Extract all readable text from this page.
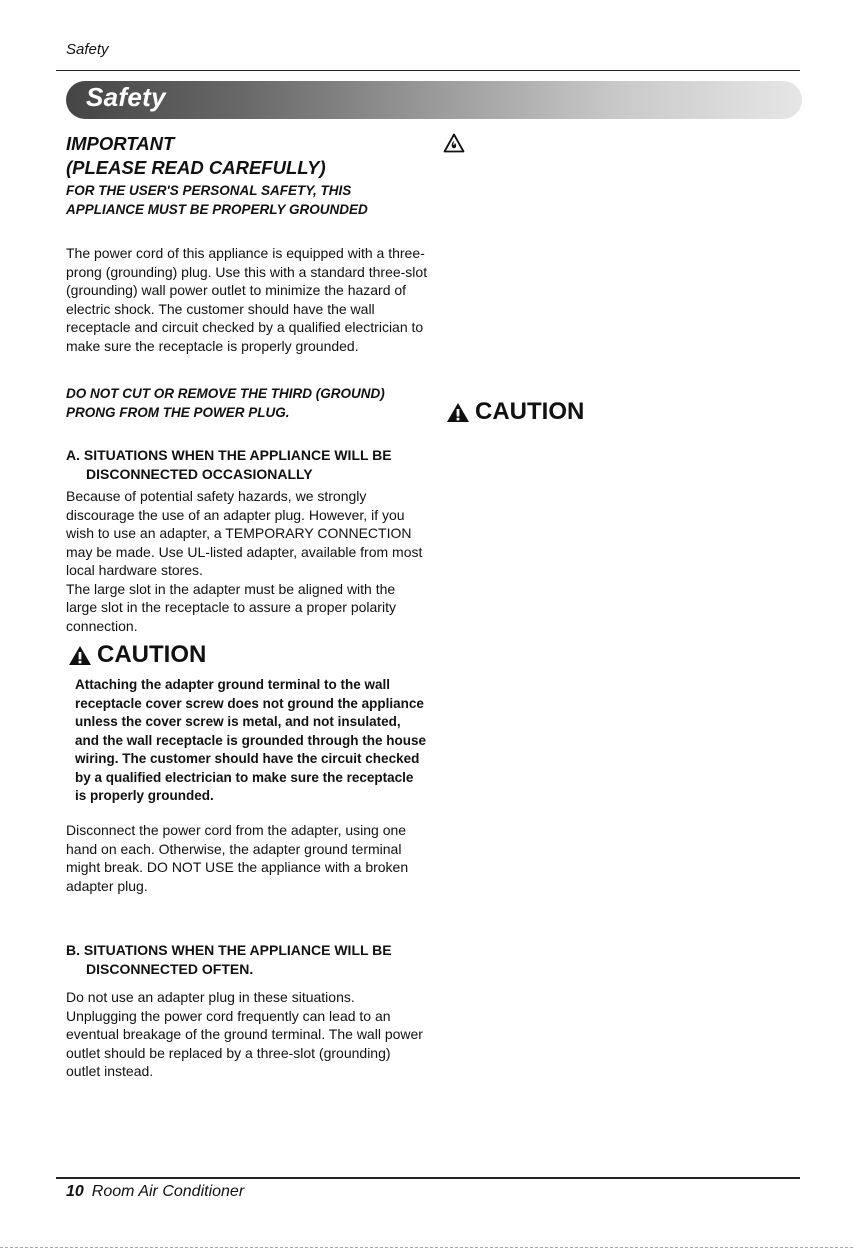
Safety
Safety
IMPORTANT
(PLEASE READ CAREFULLY)
FOR THE USER'S PERSONAL SAFETY, THIS
APPLIANCE MUST BE PROPERLY GROUNDED
The power cord of this appliance is equipped with a three-prong (grounding) plug. Use this with a standard three-slot (grounding) wall power outlet to minimize the hazard of electric shock. The customer should have the wall receptacle and circuit checked by a qualified electrician to make sure the receptacle is properly grounded.
DO NOT CUT OR REMOVE THE THIRD (GROUND)
PRONG FROM THE POWER PLUG.
A. SITUATIONS WHEN THE APPLIANCE WILL BE
DISCONNECTED OCCASIONALLY
Because of potential safety hazards, we strongly discourage the use of an adapter plug. However, if you wish to use an adapter, a TEMPORARY CONNECTION may be made. Use UL-listed adapter, available from most local hardware stores.
The large slot in the adapter must be aligned with the large slot in the receptacle to assure a proper polarity connection.
CAUTION
Attaching the adapter ground terminal to the wall receptacle cover screw does not ground the appliance unless the cover screw is metal, and not insulated, and the wall receptacle is grounded through the house wiring. The customer should have the circuit checked by a qualified electrician to make sure the receptacle is properly grounded.
Disconnect the power cord from the adapter, using one hand on each. Otherwise, the adapter ground terminal might break. DO NOT USE the appliance with a broken adapter plug.
B. SITUATIONS WHEN THE APPLIANCE WILL BE
DISCONNECTED OFTEN.
Do not use an adapter plug in these situations. Unplugging the power cord frequently can lead to an eventual breakage of the ground terminal. The wall power outlet should be replaced by a three-slot (grounding) outlet instead.
CAUTION
10 Room Air Conditioner
